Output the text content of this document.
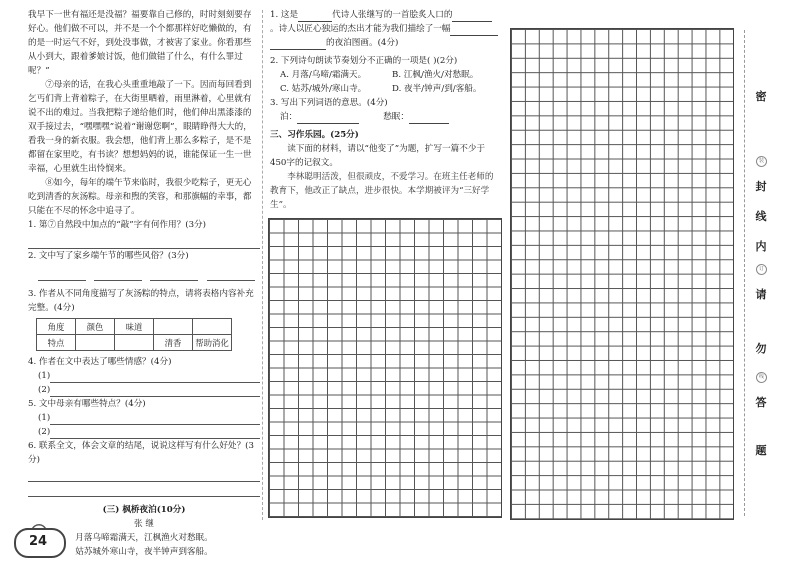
我早下一世有福还是没福？福要靠自己修的，时时刻刻要存好心。他们做不可以，并不是一个个都那样好吃懒做的，有的是一时运气不好，到处没事做，才被害了家业。你看那些从小到大，跟着爹娘讨饭，他们做错了什么，有什么罪过呢？”

⑦母亲的话，在我心头重重地敲了一下。因而每回看到乞丐们背上背着粽子，在大街里晒着，雨里淋着，心里就有说不出的难过。当我把粽子递给他们时，他们伸出黑漆漆的双手接过去，“嘿嘿嘿”说着“谢谢您啊”，眼睛睁得大大的，看我一身的新衣服。我会想，他们背上那么多粽子，是不是都留在家里吃，有书读？想想妈妈的说，谁能保证一生一世幸福，心里就生出怜悯来。

⑧如今，每年的端午节来临时，我很少吃粽子，更无心吃到清香的灰汤粽。母亲和煦的笑容，和那旗幅的幸事，都只能在不尽的怀念中追寻了。

1. 第⑦自然段中加点的“敲”字有何作用？(3分)

2. 文中写了家乡端午节的哪些风俗？(3分)

3. 作者从不同角度描写了灰汤粽的特点，请将表格内容补充完整。(4分)

角度	颜色	味道		
特点			清香	帮助消化

4. 作者在文中表达了哪些情感？(4分)

(1)
(2)

5. 文中母亲有哪些特点？(4分)

(1)
(2)

6. 联系全文，体会文章的结尾，说说这样写有什么好处？(3分)

(三) 枫桥夜泊(10分)
张 继
月落乌啼霜满天，江枫渔火对愁眠。
姑苏城外寒山寺，夜半钟声到客船。

1. 这是	代诗人张继写的一首脍炙人口的。诗人以匠心独运的杰出才能为我们描绘了一幅
的夜泊图画。(4分)

2. 下列诗句朗读节奏划分不正确的一项是( )(2分)

A. 月落/乌啼/霜满天。	B. 江枫/渔火/对愁眠。
C. 姑苏/城外/寒山寺。	D. 夜半/钟声/到/客船。

3. 写出下列词语的意思。(4分)

泊：	愁眠：

三、习作乐园。(25分)

读下面的材料，请以“他变了”为题，扩写一篇不少于450字的记叙文。

李林聪明活泼，但很顽皮，不爱学习。在班主任老师的教育下，他改正了缺点，进步很快。本学期被评为“三好学生”。

密
装
封
线
内
订
请
勿
线
答
题
24
